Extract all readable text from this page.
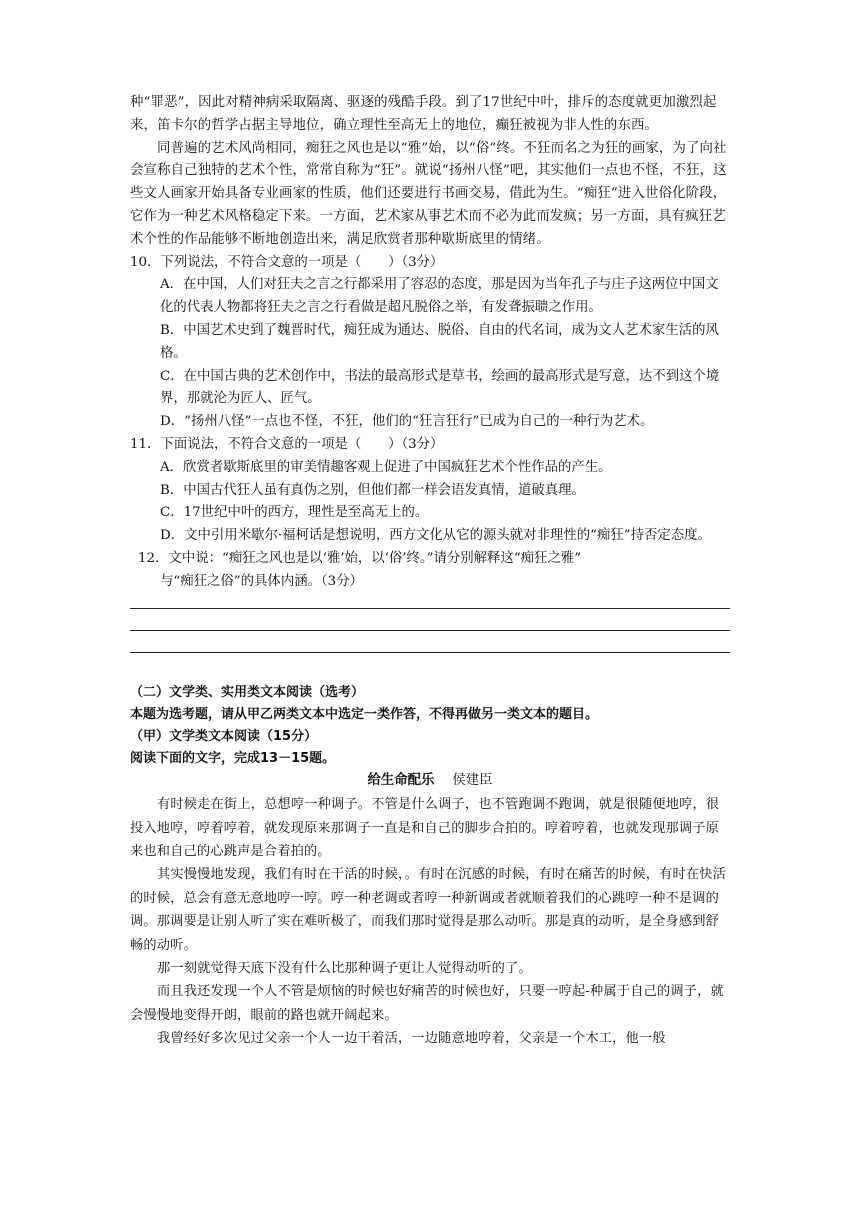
种“罪恶”，因此对精神病采取隔离、驱逐的残酷手段。到了17世纪中叶，排斥的态度就更加激烈起来，笛卡尔的哲学占据主导地位，确立理性至高无上的地位，癫狂被视为非人性的东西。

同普遍的艺术风尚相同，痴狂之风也是以“雅”始，以“俗”终。不狂而名之为狂的画家，为了向社会宣称自己独特的艺术个性，常常自称为“狂”。就说“扬州八怪”吧，其实他们一点也不怪，不狂，这些文人画家开始具备专业画家的性质，他们还要进行书画交易，借此为生。“痴狂”进入世俗化阶段，它作为一种艺术风格稳定下来。一方面，艺术家从事艺术而不必为此而发疯；另一方面，具有疯狂艺术个性的作品能够不断地创造出来，满足欣赏者那种歇斯底里的情绪。

10．下列说法，不符合文意的一项是（　　）（3分）

A．在中国，人们对狂夫之言之行都采用了容忍的态度，那是因为当年孔子与庄子这两位中国文化的代表人物都将狂夫之言之行看做是超凡脱俗之举，有发聋振聩之作用。

B．中国艺术史到了魏晋时代，痴狂成为通达、脱俗、自由的代名词，成为文人艺术家生活的风格。

C．在中国古典的艺术创作中，书法的最高形式是草书，绘画的最高形式是写意，达不到这个境界，那就沦为匠人、匠气。

D．“扬州八怪”一点也不怪，不狂，他们的“狂言狂行”已成为自己的一种行为艺术。

11．下面说法，不符合文意的一项是（　　）（3分）

A．欣赏者歇斯底里的审美情趣客观上促进了中国疯狂艺术个性作品的产生。

B．中国古代狂人虽有真伪之别，但他们都一样会语发真情，道破真理。

C．17世纪中叶的西方，理性是至高无上的。

D．文中引用米歇尔·福柯话是想说明，西方文化从它的源头就对非理性的“痴狂”持否定态度。

12．文中说：“痴狂之风也是以‘雅’始，以‘俗’终。”请分别解释这“痴狂之雅”
与“痴狂之俗”的具体内涵。（3分）

（二）文学类、实用类文本阅读（选考）

本题为选考题，请从甲乙两类文本中选定一类作答，不得再做另一类文本的题目。

（甲）文学类文本阅读（15分）

阅读下面的文字，完成13－15题。

给生命配乐 侯建臣

有时候走在街上，总想哼一种调子。不管是什么调子，也不管跑调不跑调，就是很随便地哼，很投入地哼，哼着哼着，就发现原来那调子一直是和自己的脚步合拍的。哼着哼着，也就发现那调子原来也和自己的心跳声是合着拍的。

其实慢慢地发现，我们有时在干活的时候，。有时在沉感的时候，有时在痛苦的时候，有时在快活的时候，总会有意无意地哼一哼。哼一种老调或者哼一种新调或者就顺着我们的心跳哼一种不是调的调。那调要是让别人听了实在难听极了，而我们那时觉得是那么动听。那是真的动听，是全身感到舒畅的动听。

那一刻就觉得天底下没有什么比那种调子更让人觉得动听的了。

而且我还发现一个人不管是烦恼的时候也好痛苦的时候也好，只要一哼起-种属于自己的调子，就会慢慢地变得开朗，眼前的路也就开阔起来。

我曾经好多次见过父亲一个人一边干着活，一边随意地哼着，父亲是一个木工，他一般
